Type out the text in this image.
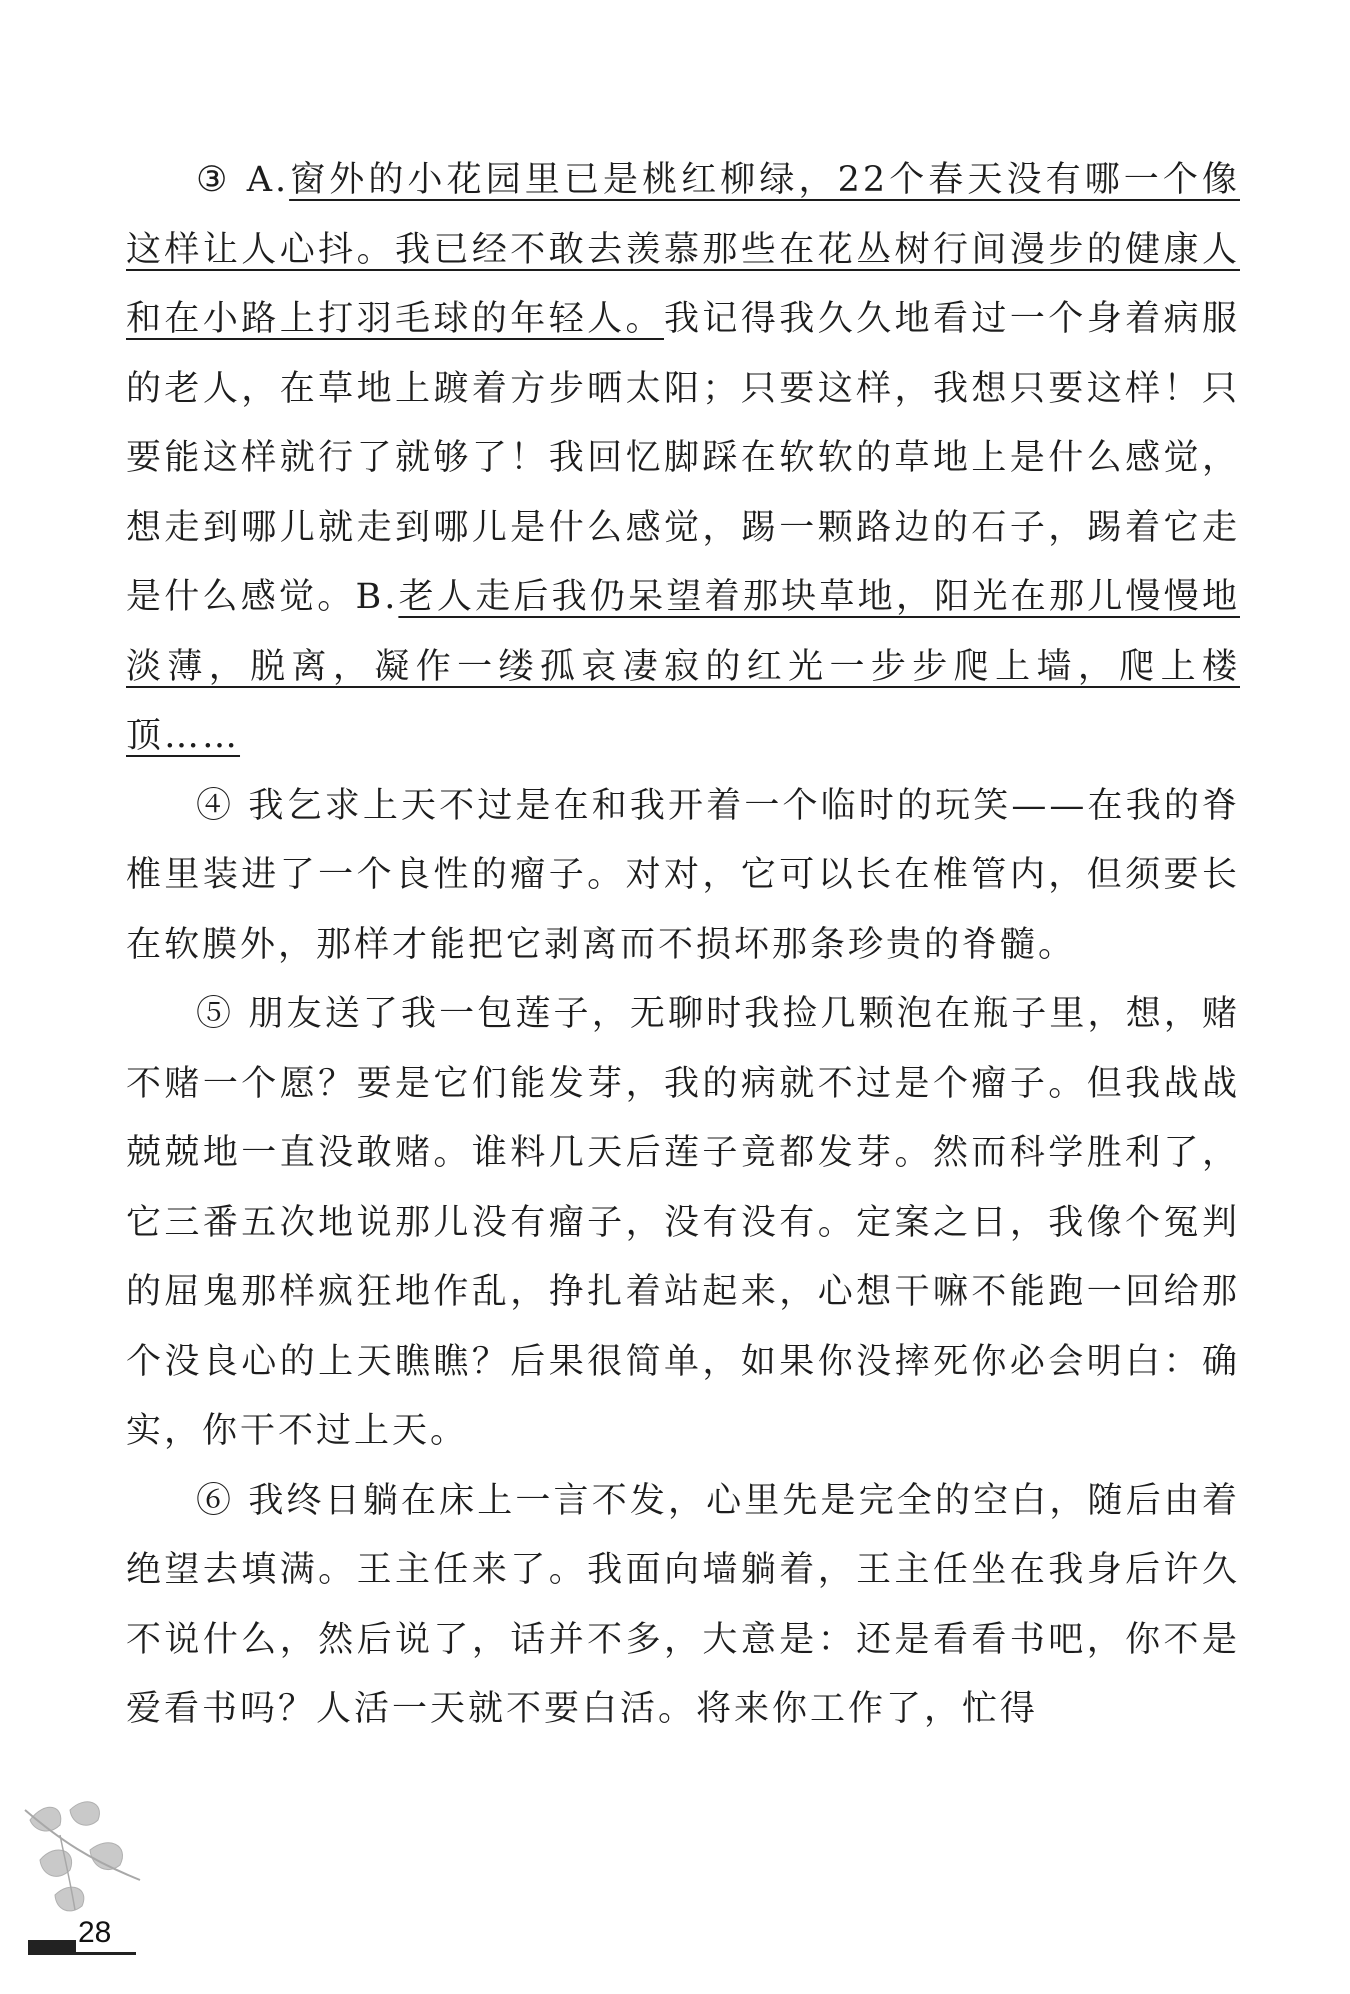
③ A.窗外的小花园里已是桃红柳绿，22个春天没有哪一个像这样让人心抖。我已经不敢去羡慕那些在花丛树行间漫步的健康人和在小路上打羽毛球的年轻人。我记得我久久地看过一个身着病服的老人，在草地上踱着方步晒太阳；只要这样，我想只要这样！只要能这样就行了就够了！我回忆脚踩在软软的草地上是什么感觉，想走到哪儿就走到哪儿是什么感觉，踢一颗路边的石子，踢着它走是什么感觉。B.老人走后我仍呆望着那块草地，阳光在那儿慢慢地淡薄，脱离，凝作一缕孤哀凄寂的红光一步步爬上墙，爬上楼顶……

④ 我乞求上天不过是在和我开着一个临时的玩笑——在我的脊椎里装进了一个良性的瘤子。对对，它可以长在椎管内，但须要长在软膜外，那样才能把它剥离而不损坏那条珍贵的脊髓。

⑤ 朋友送了我一包莲子，无聊时我捡几颗泡在瓶子里，想，赌不赌一个愿？要是它们能发芽，我的病就不过是个瘤子。但我战战兢兢地一直没敢赌。谁料几天后莲子竟都发芽。然而科学胜利了，它三番五次地说那儿没有瘤子，没有没有。定案之日，我像个冤判的屈鬼那样疯狂地作乱，挣扎着站起来，心想干嘛不能跑一回给那个没良心的上天瞧瞧？后果很简单，如果你没摔死你必会明白：确实，你干不过上天。

⑥ 我终日躺在床上一言不发，心里先是完全的空白，随后由着绝望去填满。王主任来了。我面向墙躺着，王主任坐在我身后许久不说什么，然后说了，话并不多，大意是：还是看看书吧，你不是爱看书吗？人活一天就不要白活。将来你工作了，忙得

28
